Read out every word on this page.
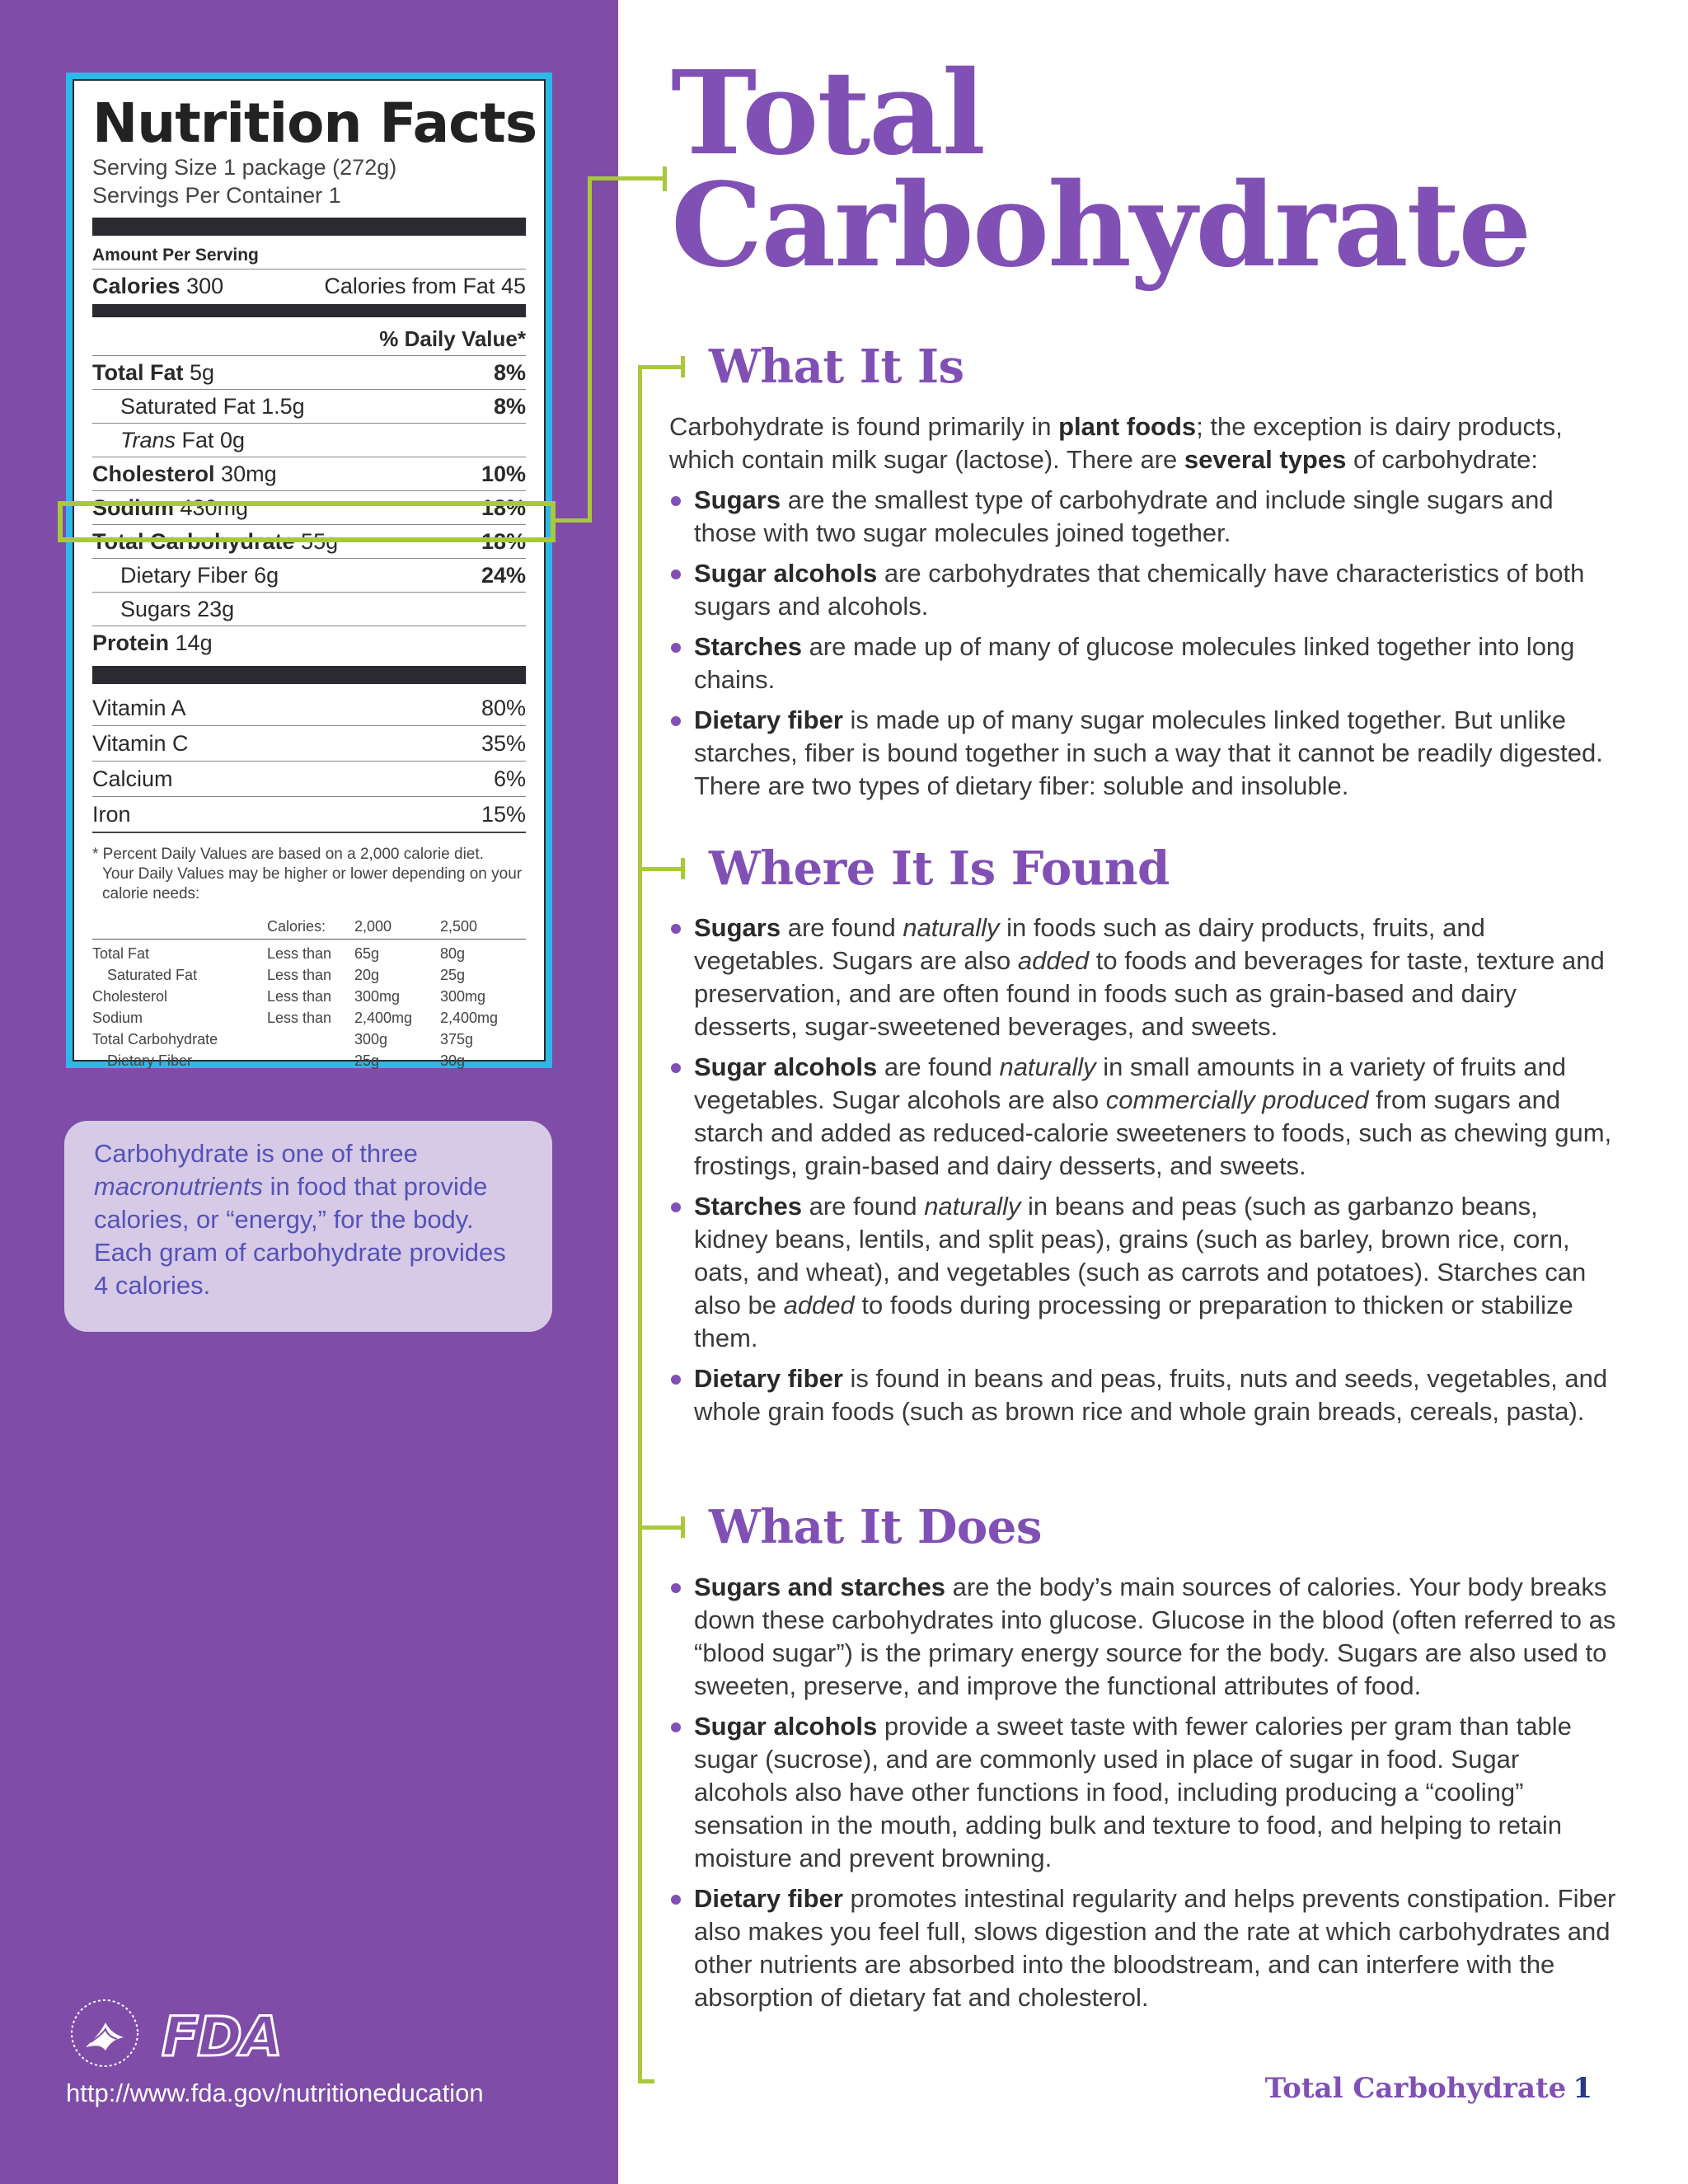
Nutrition Facts
Serving Size 1 package (272g)
Servings Per Container 1
Amount Per Serving
Calories 300	Calories from Fat 45
% Daily Value*
Total Fat 5g	8%
Saturated Fat 1.5g	8%
Trans Fat 0g
Cholesterol 30mg	10%
Sodium 430mg	18%
Total Carbohydrate 55g	18%
Dietary Fiber 6g	24%
Sugars 23g
Protein 14g
Vitamin A	80%
Vitamin C	35%
Calcium	6%
Iron	15%

* Percent Daily Values are based on a 2,000 calorie diet.

Your Daily Values may be higher or lower depending on your calorie needs:

	Calories:	2,000	2,500
Total Fat	Less than	65g	80g
Saturated Fat	Less than	20g	25g
Cholesterol	Less than	300mg	300mg
Sodium	Less than	2,400mg	2,400mg
Total Carbohydrate		300g	375g
Dietary Fiber		25g	30g

Carbohydrate is one of three macronutrients in food that provide calories, or “energy,” for the body. Each gram of carbohydrate provides 4 calories.

FDA
http://www.fda.gov/nutritioneducation
Total
Carbohydrate
What It Is
Carbohydrate is found primarily in plant foods; the exception is dairy products, which contain milk sugar (lactose). There are several types of carbohydrate:
Sugars are the smallest type of carbohydrate and include single sugars and those with two sugar molecules joined together.
Sugar alcohols are carbohydrates that chemically have characteristics of both sugars and alcohols.
Starches are made up of many of glucose molecules linked together into long chains.
Dietary fiber is made up of many sugar molecules linked together. But unlike starches, fiber is bound together in such a way that it cannot be readily digested. There are two types of dietary fiber: soluble and insoluble.
Where It Is Found
Sugars are found naturally in foods such as dairy products, fruits, and vegetables. Sugars are also added to foods and beverages for taste, texture and preservation, and are often found in foods such as grain-based and dairy desserts, sugar-sweetened beverages, and sweets.
Sugar alcohols are found naturally in small amounts in a variety of fruits and vegetables. Sugar alcohols are also commercially produced from sugars and starch and added as reduced-calorie sweeteners to foods, such as chewing gum, frostings, grain-based and dairy desserts, and sweets.
Starches are found naturally in beans and peas (such as garbanzo beans, kidney beans, lentils, and split peas), grains (such as barley, brown rice, corn, oats, and wheat), and vegetables (such as carrots and potatoes). Starches can also be added to foods during processing or preparation to thicken or stabilize them.
Dietary fiber is found in beans and peas, fruits, nuts and seeds, vegetables, and whole grain foods (such as brown rice and whole grain breads, cereals, pasta).
What It Does
Sugars and starches are the body’s main sources of calories. Your body breaks down these carbohydrates into glucose. Glucose in the blood (often referred to as “blood sugar”) is the primary energy source for the body. Sugars are also used to sweeten, preserve, and improve the functional attributes of food.
Sugar alcohols provide a sweet taste with fewer calories per gram than table sugar (sucrose), and are commonly used in place of sugar in food. Sugar alcohols also have other functions in food, including producing a “cooling” sensation in the mouth, adding bulk and texture to food, and helping to retain moisture and prevent browning.
Dietary fiber promotes intestinal regularity and helps prevents constipation. Fiber also makes you feel full, slows digestion and the rate at which carbohydrates and other nutrients are absorbed into the bloodstream, and can interfere with the absorption of dietary fat and cholesterol.
Total Carbohydrate 1
